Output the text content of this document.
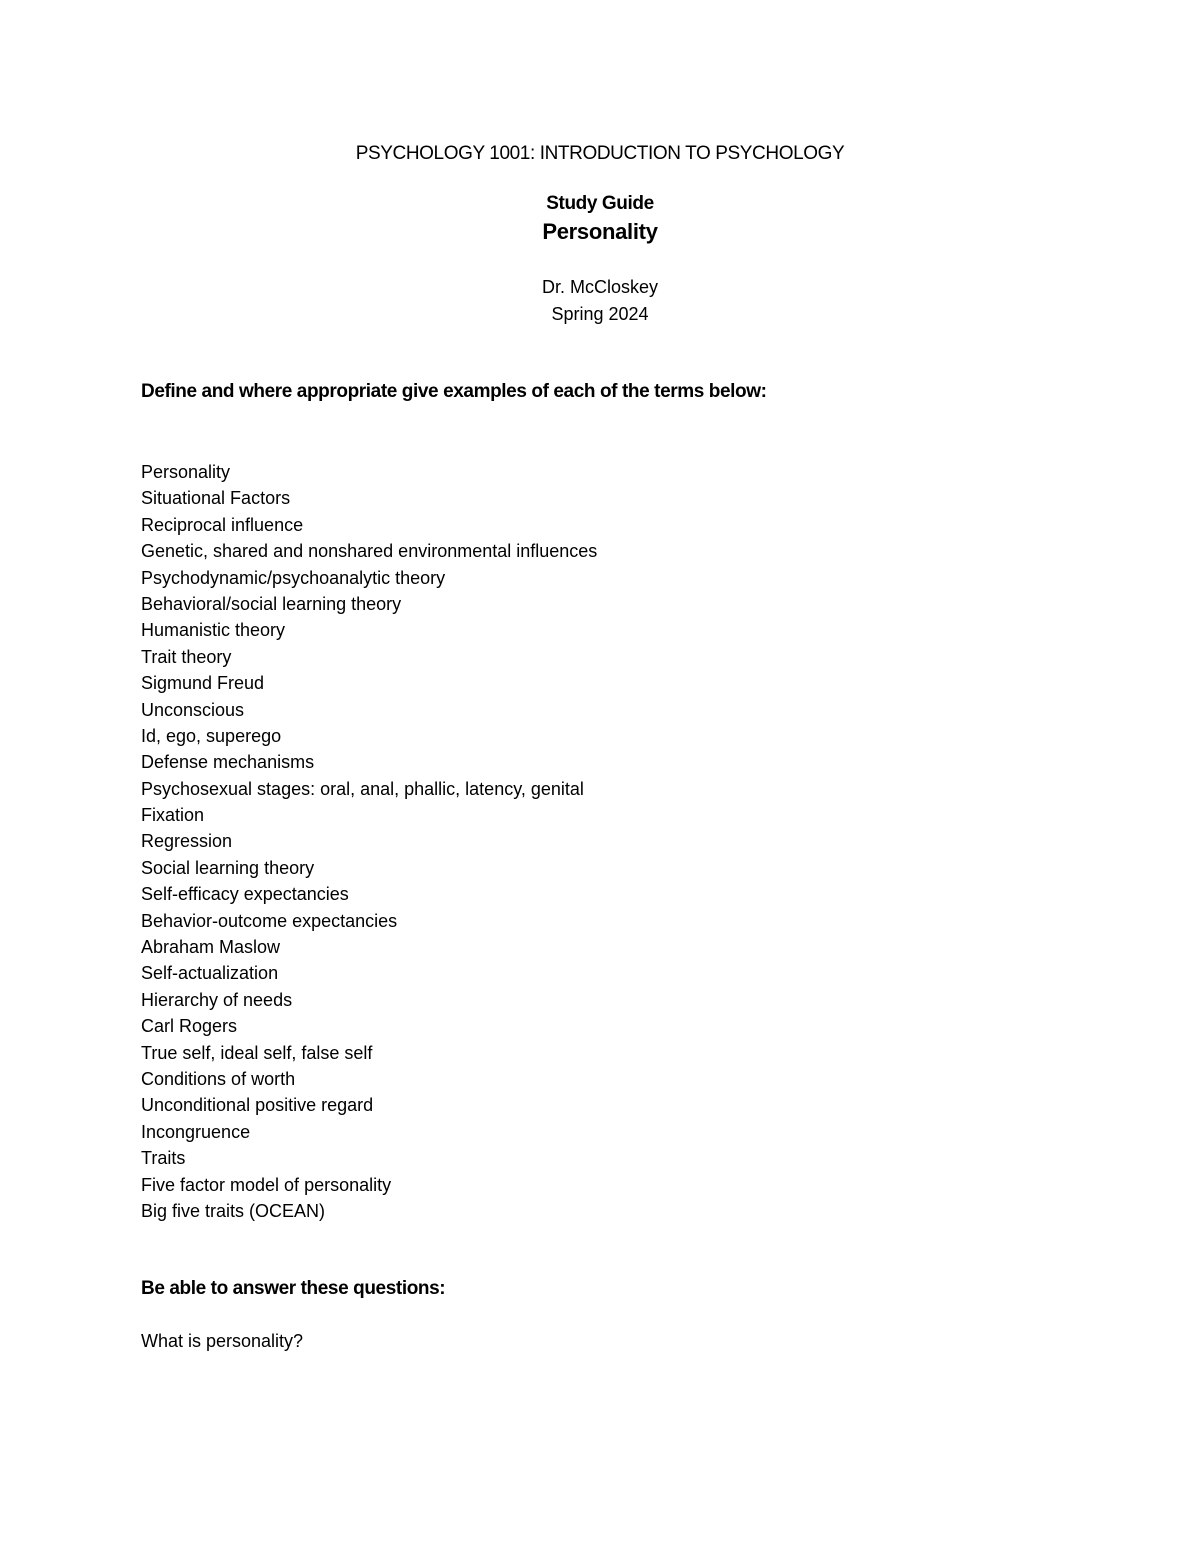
PSYCHOLOGY 1001: INTRODUCTION TO PSYCHOLOGY
Study Guide
Personality
Dr. McCloskey
Spring 2024
Define and where appropriate give examples of each of the terms below:
Personality
Situational Factors
Reciprocal influence
Genetic, shared and nonshared environmental influences
Psychodynamic/psychoanalytic theory
Behavioral/social learning theory
Humanistic theory
Trait theory
Sigmund Freud
Unconscious
Id, ego, superego
Defense mechanisms
Psychosexual stages: oral, anal, phallic, latency, genital
Fixation
Regression
Social learning theory
Self-efficacy expectancies
Behavior-outcome expectancies
Abraham Maslow
Self-actualization
Hierarchy of needs
Carl Rogers
True self, ideal self, false self
Conditions of worth
Unconditional positive regard
Incongruence
Traits
Five factor model of personality
Big five traits (OCEAN)
Be able to answer these questions:
What is personality?
